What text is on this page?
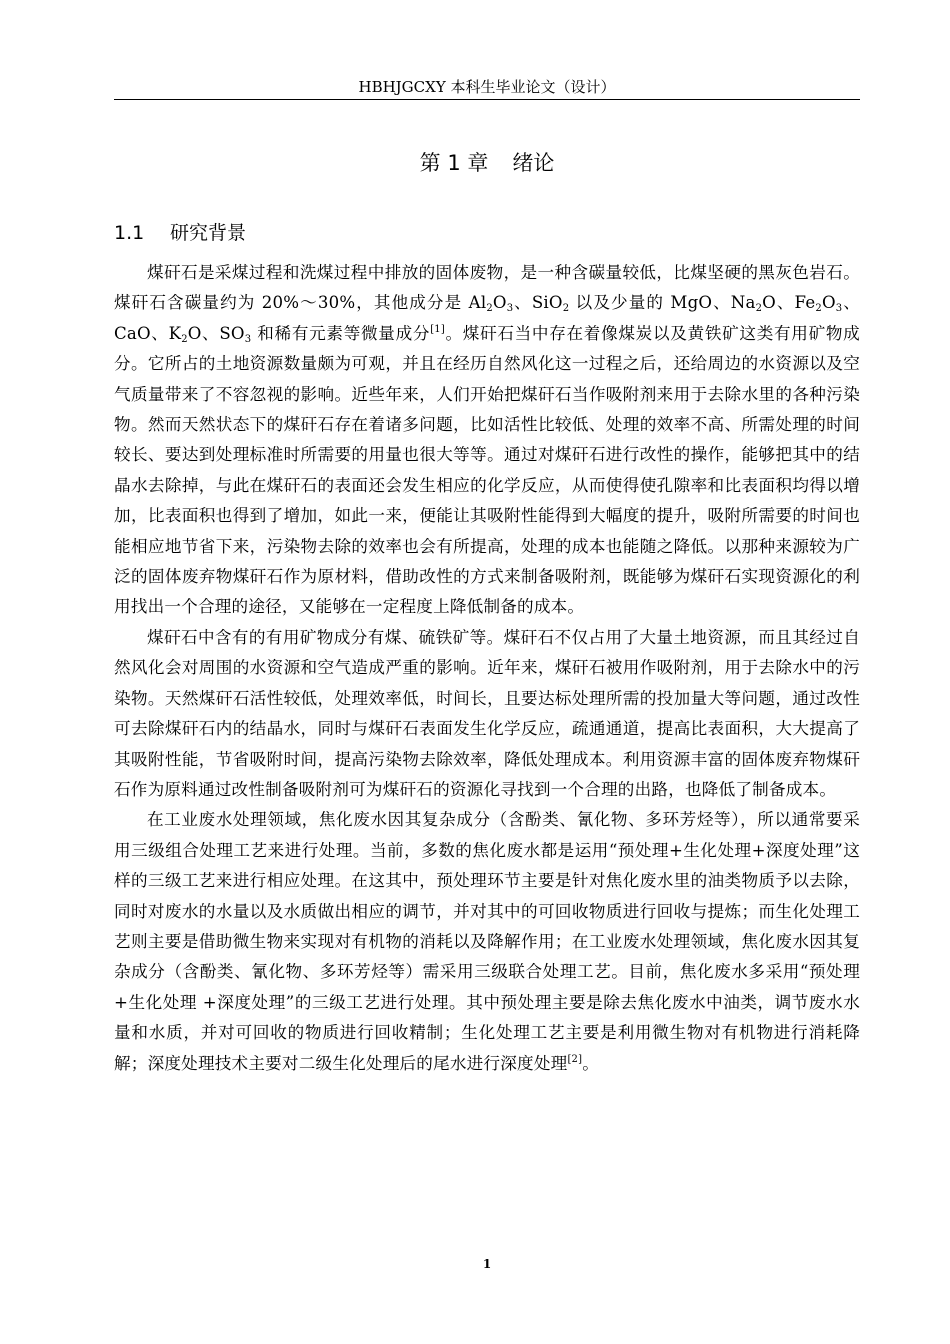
HBHJGCXY 本科生毕业论文（设计）
第 1 章 绪论
1.1 研究背景

煤矸石是采煤过程和洗煤过程中排放的固体废物，是一种含碳量较低，比煤坚硬的黑灰色岩石。煤矸石含碳量约为 20%～30%，其他成分是 $Al_2O_3$、SiO$_2$ 以及少量的 MgO、$Na_2O$、$Fe_2O_3$、CaO、$K_2O$、$SO_3$ 和稀有元素等微量成分[1]。煤矸石当中存在着像煤炭以及黄铁矿这类有用矿物成分。它所占的土地资源数量颇为可观，并且在经历自然风化这一过程之后，还给周边的水资源以及空气质量带来了不容忽视的影响。近些年来，人们开始把煤矸石当作吸附剂来用于去除水里的各种污染物。然而天然状态下的煤矸石存在着诸多问题，比如活性比较低、处理的效率不高、所需处理的时间较长、要达到处理标准时所需要的用量也很大等等。通过对煤矸石进行改性的操作，能够把其中的结晶水去除掉，与此在煤矸石的表面还会发生相应的化学反应，从而使得使孔隙率和比表面积均得以增加，比表面积也得到了增加，如此一来，便能让其吸附性能得到大幅度的提升，吸附所需要的时间也能相应地节省下来，污染物去除的效率也会有所提高，处理的成本也能随之降低。以那种来源较为广泛的固体废弃物煤矸石作为原材料，借助改性的方式来制备吸附剂，既能够为煤矸石实现资源化的利用找出一个合理的途径，又能够在一定程度上降低制备的成本。

煤矸石中含有的有用矿物成分有煤、硫铁矿等。煤矸石不仅占用了大量土地资源，而且其经过自然风化会对周围的水资源和空气造成严重的影响。近年来，煤矸石被用作吸附剂，用于去除水中的污染物。天然煤矸石活性较低，处理效率低，时间长，且要达标处理所需的投加量大等问题，通过改性可去除煤矸石内的结晶水，同时与煤矸石表面发生化学反应，疏通通道，提高比表面积，大大提高了其吸附性能，节省吸附时间，提高污染物去除效率，降低处理成本。利用资源丰富的固体废弃物煤矸石作为原料通过改性制备吸附剂可为煤矸石的资源化寻找到一个合理的出路，也降低了制备成本。

在工业废水处理领域，焦化废水因其复杂成分（含酚类、氰化物、多环芳烃等），所以通常要采用三级组合处理工艺来进行处理。当前，多数的焦化废水都是运用“预处理+生化处理+深度处理”这样的三级工艺来进行相应处理。在这其中，预处理环节主要是针对焦化废水里的油类物质予以去除，同时对废水的水量以及水质做出相应的调节，并对其中的可回收物质进行回收与提炼；而生化处理工艺则主要是借助微生物来实现对有机物的消耗以及降解作用；在工业废水处理领域，焦化废水因其复杂成分（含酚类、氰化物、多环芳烃等）需采用三级联合处理工艺。目前，焦化废水多采用“预处理+生化处理 +深度处理”的三级工艺进行处理。其中预处理主要是除去焦化废水中油类，调节废水水量和水质，并对可回收的物质进行回收精制；生化处理工艺主要是利用微生物对有机物进行消耗降解；深度处理技术主要对二级生化处理后的尾水进行深度处理[2]。

1
